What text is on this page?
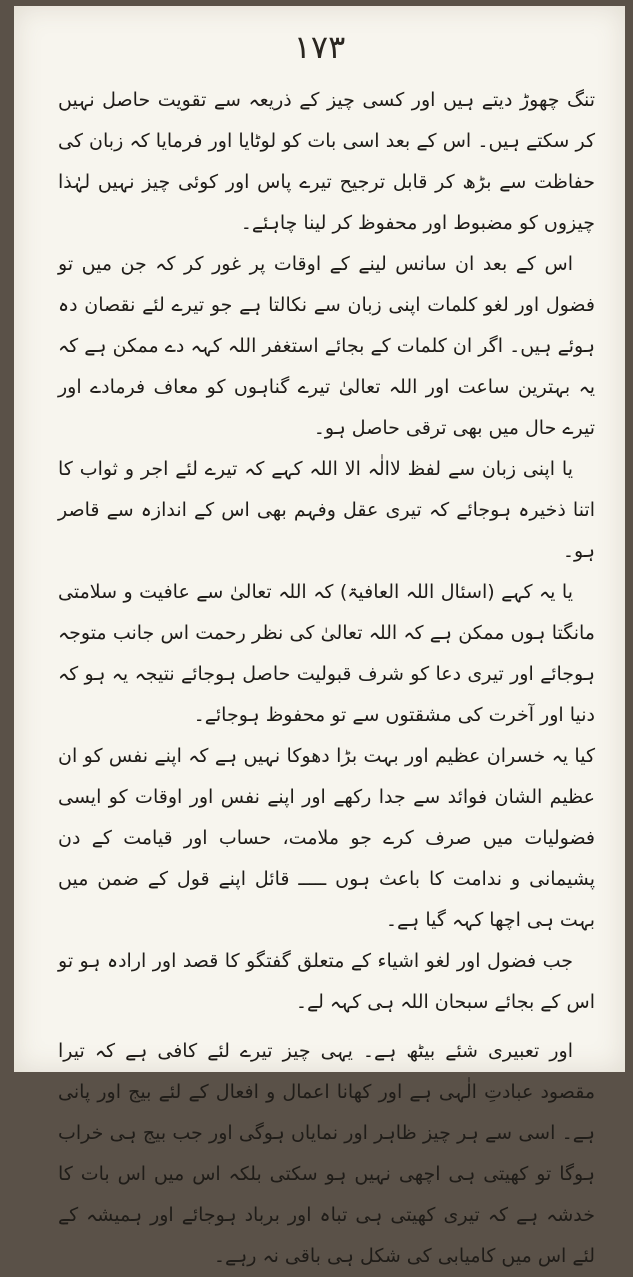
۱۷۳

تنگ چھوڑ دیتے ہیں اور کسی چیز کے ذریعہ سے تقویت حاصل نہیں کر سکتے ہیں۔ اس کے بعد اسی بات کو لوٹایا اور فرمایا کہ زبان کی حفاظت سے بڑھ کر قابل ترجیح تیرے پاس اور کوئی چیز نہیں لہٰذا چیزوں کو مضبوط اور محفوظ کر لینا چاہئے۔

اس کے بعد ان سانس لینے کے اوقات پر غور کر کہ جن میں تو فضول اور لغو کلمات اپنی زبان سے نکالتا ہے جو تیرے لئے نقصان دہ ہوئے ہیں۔ اگر ان کلمات کے بجائے استغفر اللہ کہہ دے ممکن ہے کہ یہ بہترین ساعت اور اللہ تعالیٰ تیرے گناہوں کو معاف فرمادے اور تیرے حال میں بھی ترقی حاصل ہو۔

یا اپنی زبان سے لفظ لاالٰہ الا اللہ کہے کہ تیرے لئے اجر و ثواب کا اتنا ذخیرہ ہوجائے کہ تیری عقل وفہم بھی اس کے اندازہ سے قاصر ہو۔

یا یہ کہے (اسئال اللہ العافیۃ) کہ اللہ تعالیٰ سے عافیت و سلامتی مانگتا ہوں ممکن ہے کہ اللہ تعالیٰ کی نظر رحمت اس جانب متوجہ ہوجائے اور تیری دعا کو شرف قبولیت حاصل ہوجائے نتیجہ یہ ہو کہ دنیا اور آخرت کی مشقتوں سے تو محفوظ ہوجائے۔

کیا یہ خسران عظیم اور بہت بڑا دھوکا نہیں ہے کہ اپنے نفس کو ان عظیم الشان فوائد سے جدا رکھے اور اپنے نفس اور اوقات کو ایسی فضولیات میں صرف کرے جو ملامت، حساب اور قیامت کے دن پشیمانی و ندامت کا باعث ہوں ـــــ قائل اپنے قول کے ضمن میں بہت ہی اچھا کہہ گیا ہے۔

جب فضول اور لغو اشیاء کے متعلق گفتگو کا قصد اور ارادہ ہو تو اس کے بجائے سبحان اللہ ہی کہہ لے۔

اور تعبیری شئے بیٹھ ہے۔ یہی چیز تیرے لئے کافی ہے کہ تیرا مقصود عبادتِ الٰہی ہے اور کھانا اعمال و افعال کے لئے بیج اور پانی ہے۔ اسی سے ہر چیز ظاہر اور نمایاں ہوگی اور جب بیج ہی خراب ہوگا تو کھیتی ہی اچھی نہیں ہو سکتی بلکہ اس میں اس بات کا خدشہ ہے کہ تیری کھیتی ہی تباہ اور برباد ہوجائے اور ہمیشہ کے لئے اس میں کامیابی کی شکل ہی باقی نہ رہے۔
